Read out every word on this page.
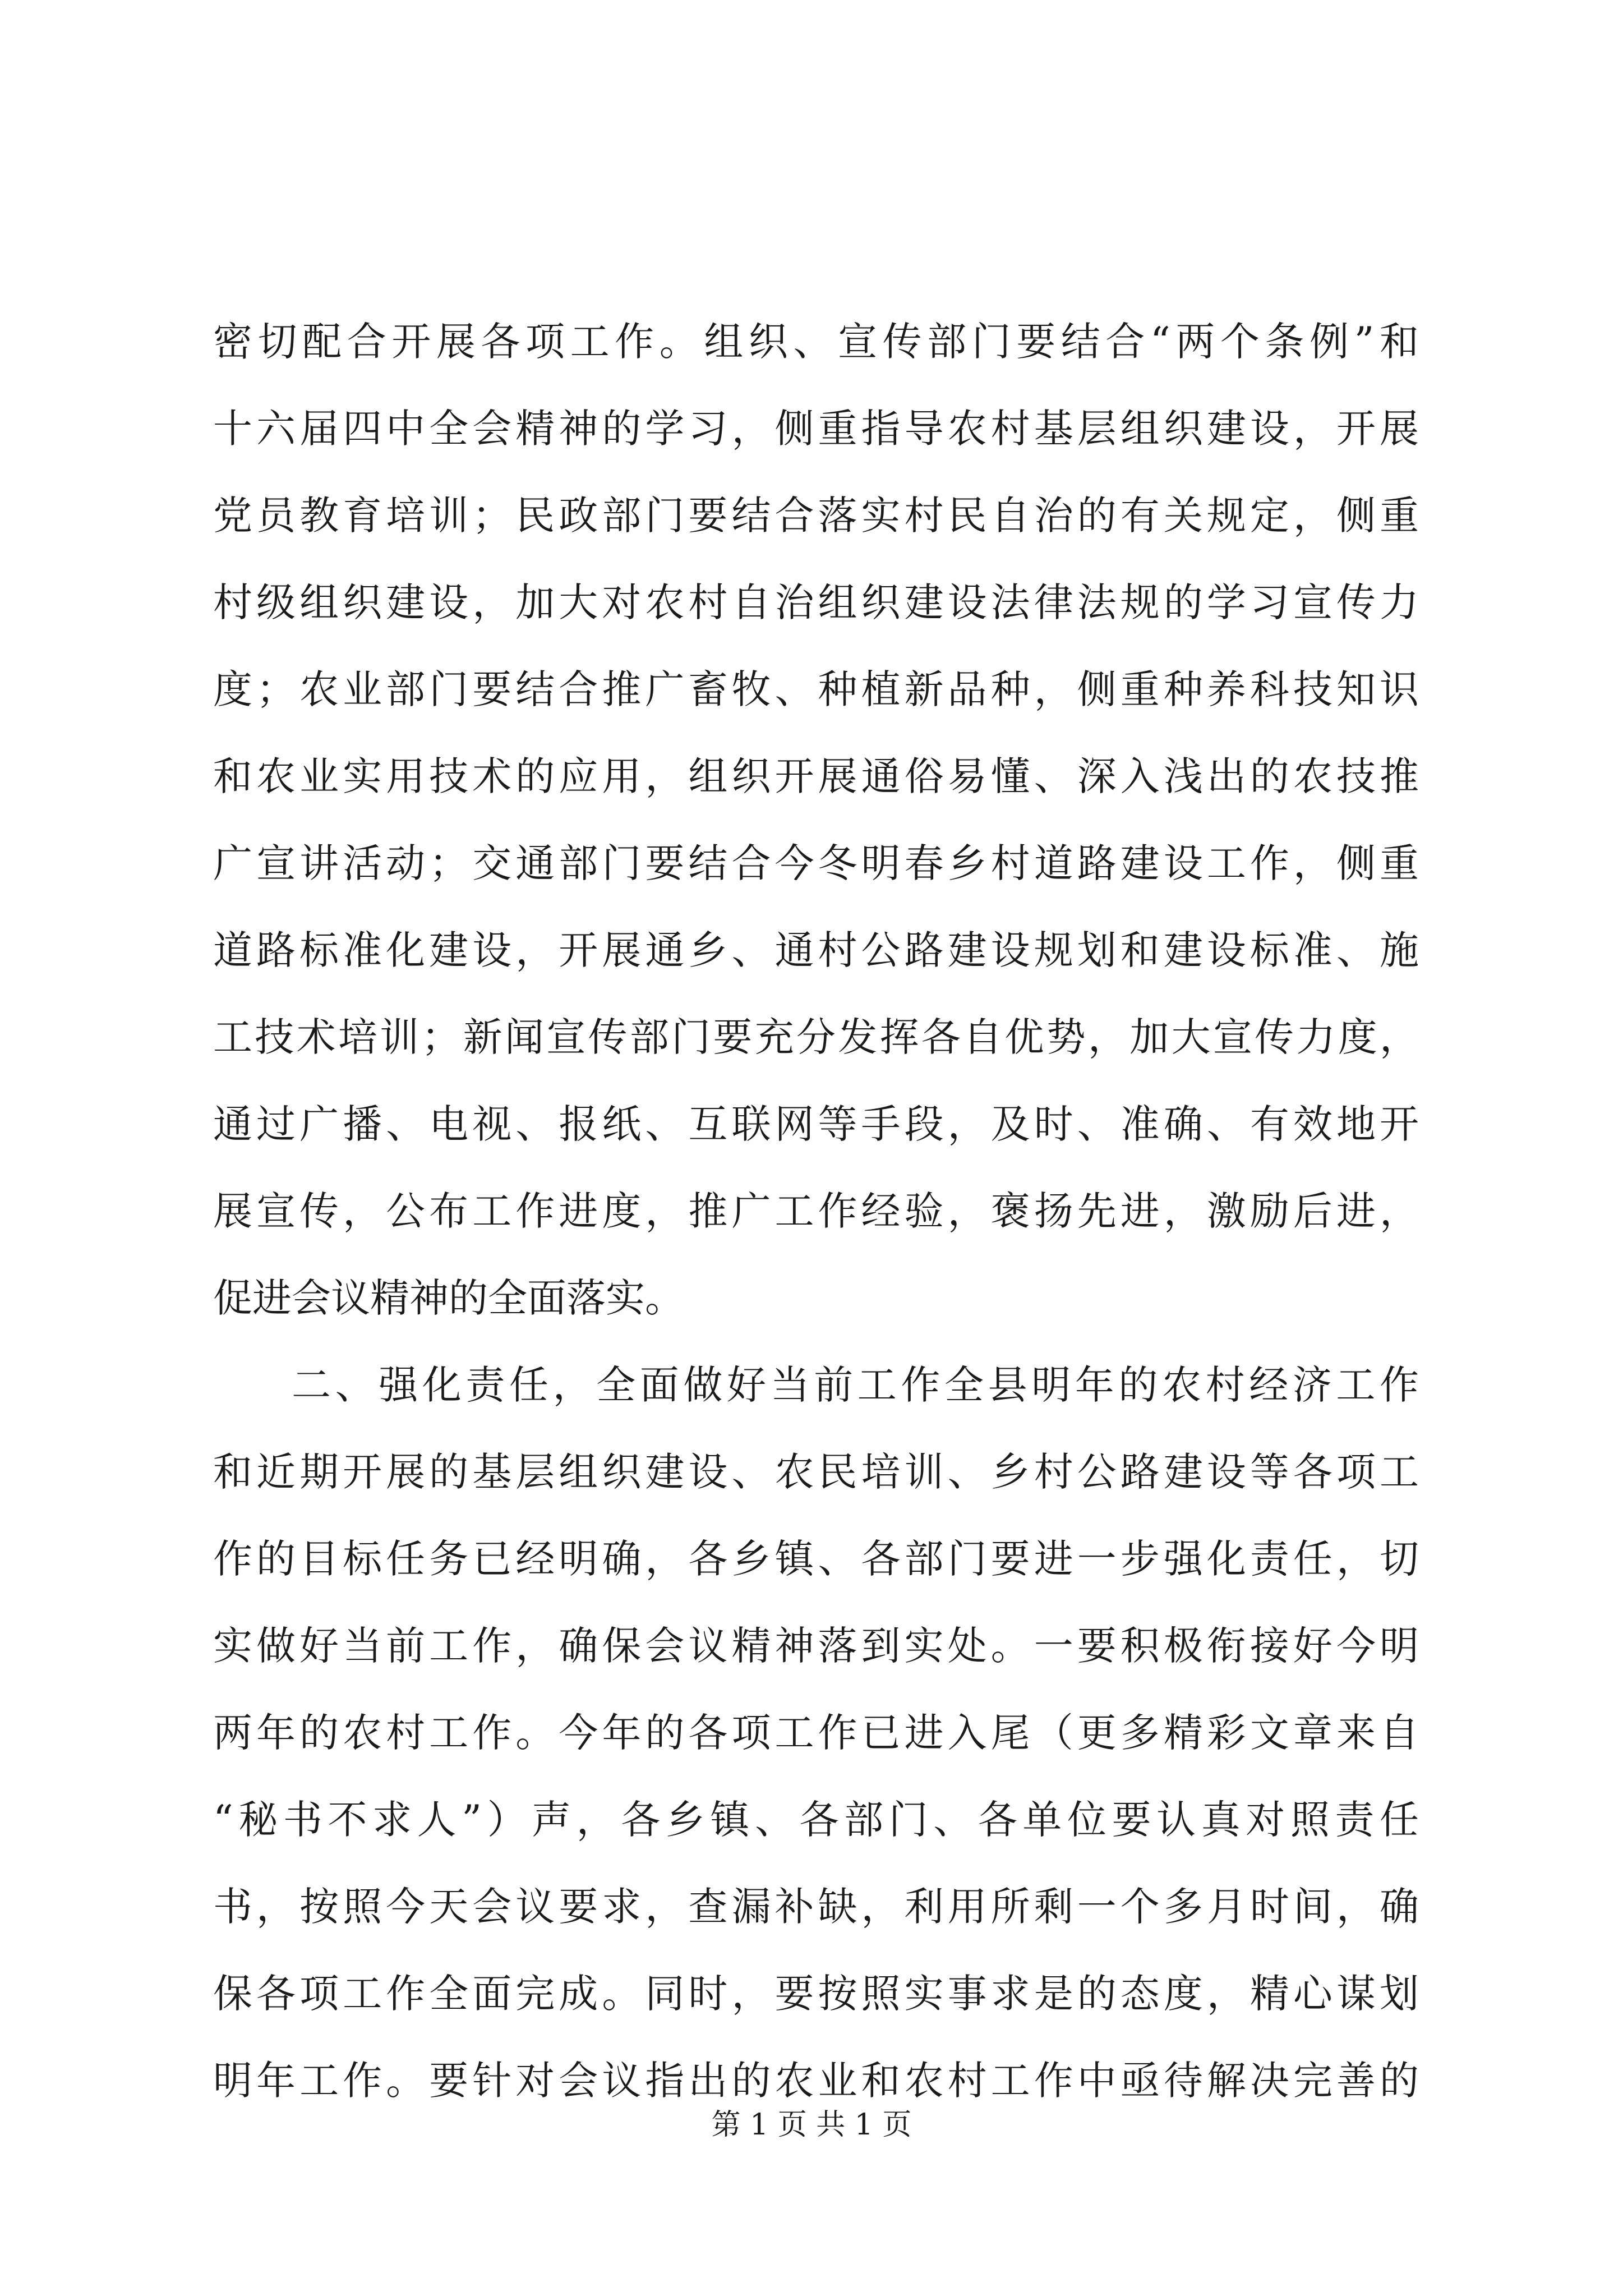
密切配合开展各项工作。组织、宣传部门要结合“两个条例”和
十六届四中全会精神的学习，侧重指导农村基层组织建设，开展
党员教育培训；民政部门要结合落实村民自治的有关规定，侧重
村级组织建设，加大对农村自治组织建设法律法规的学习宣传力
度；农业部门要结合推广畜牧、种植新品种，侧重种养科技知识
和农业实用技术的应用，组织开展通俗易懂、深入浅出的农技推
广宣讲活动；交通部门要结合今冬明春乡村道路建设工作，侧重
道路标准化建设，开展通乡、通村公路建设规划和建设标准、施
工技术培训；新闻宣传部门要充分发挥各自优势，加大宣传力度，
通过广播、电视、报纸、互联网等手段，及时、准确、有效地开
展宣传，公布工作进度，推广工作经验，褒扬先进，激励后进，
促进会议精神的全面落实。
二、强化责任，全面做好当前工作全县明年的农村经济工作
和近期开展的基层组织建设、农民培训、乡村公路建设等各项工
作的目标任务已经明确，各乡镇、各部门要进一步强化责任，切
实做好当前工作，确保会议精神落到实处。一要积极衔接好今明
两年的农村工作。今年的各项工作已进入尾（更多精彩文章来自
“秘书不求人”）声，各乡镇、各部门、各单位要认真对照责任
书，按照今天会议要求，查漏补缺，利用所剩一个多月时间，确
保各项工作全面完成。同时，要按照实事求是的态度，精心谋划
明年工作。要针对会议指出的农业和农村工作中亟待解决完善的
第 1 页 共 1 页
